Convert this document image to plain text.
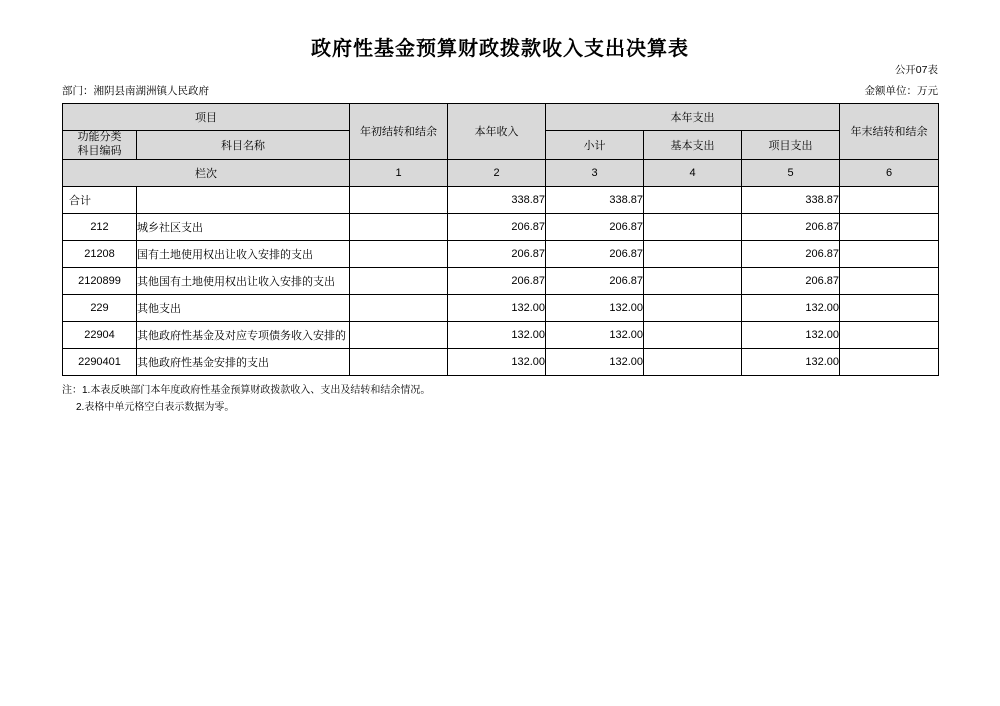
政府性基金预算财政拨款收入支出决算表
公开07表
部门：湘阴县南湖洲镇人民政府	金额单位：万元
项目		年初结转和结余	本年收入	本年支出			年末结转和结余

功能分类
科目编码	科目名称			小计	基本支出	项目支出	
栏次		1	2	3	4	5	6
合计			338.87	338.87		338.87	
212	城乡社区支出		206.87	206.87		206.87	
21208	国有土地使用权出让收入安排的支出		206.87	206.87		206.87	
2120899	其他国有土地使用权出让收入安排的支出		206.87	206.87		206.87	
229	其他支出		132.00	132.00		132.00	
22904	其他政府性基金及对应专项债务收入安排的		132.00	132.00		132.00	
2290401	其他政府性基金安排的支出		132.00	132.00		132.00	
注：1.本表反映部门本年度政府性基金预算财政拨款收入、支出及结转和结余情况。
2.表格中单元格空白表示数据为零。
